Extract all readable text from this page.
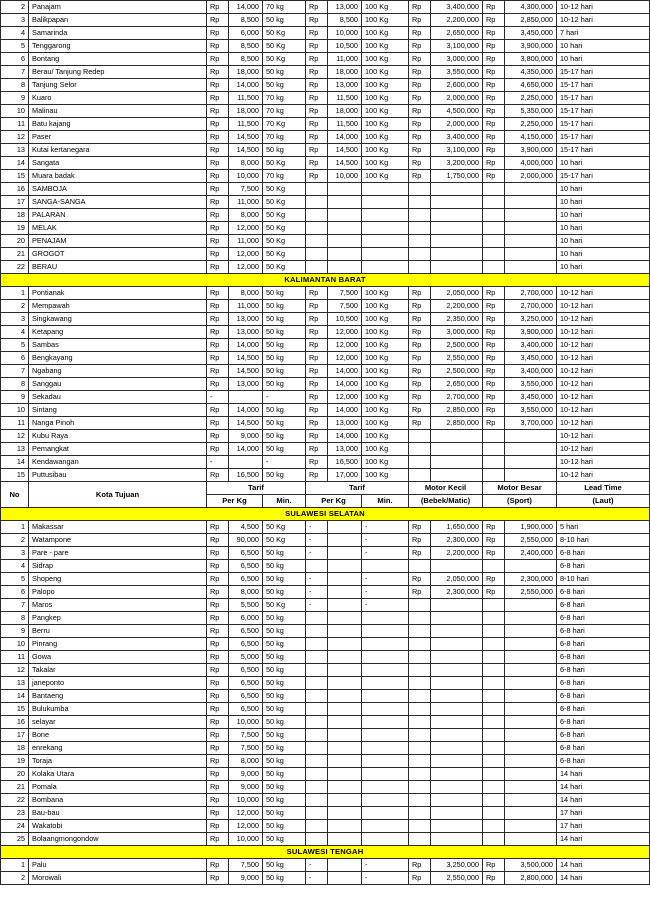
2	Panajam	Rp	14,000	70 kg	Rp	13,000	100 Kg	Rp	3,400,000	Rp	4,300,000	10-12 hari
3	Balikpapan	Rp	8,500	50 kg	Rp	8,500	100 Kg	Rp	2,200,000	Rp	2,850,000	10-12 hari
4	Samarinda	Rp	6,000	50 Kg	Rp	10,000	100 Kg	Rp	2,650,000	Rp	3,450,000	7 hari
5	Tenggarong	Rp	8,500	50 Kg	Rp	10,500	100 Kg	Rp	3,100,000	Rp	3,900,000	10 hari
6	Bontang	Rp	8,500	50 Kg	Rp	11,000	100 Kg	Rp	3,000,000	Rp	3,800,000	10 hari
7	Berau/ Tanjung Redep	Rp	18,000	50 kg	Rp	18,000	100 Kg	Rp	3,550,000	Rp	4,350,000	15-17 hari
8	Tanjung Selor	Rp	14,000	50 kg	Rp	13,000	100 Kg	Rp	2,600,000	Rp	4,650,000	15-17 hari
9	Kuaro	Rp	11,500	70 kg	Rp	11,500	100 Kg	Rp	2,000,000	Rp	2,250,000	15-17 hari
10	Malinau	Rp	18,000	70 kg	Rp	18,000	100 Kg	Rp	4,500,000	Rp	5,350,000	15-17 hari
11	Batu kajang	Rp	11,500	70 Kg	Rp	11,500	100 Kg	Rp	2,000,000	Rp	2,250,000	15-17 hari
12	Paser	Rp	14,500	70 kg	Rp	14,000	100 Kg	Rp	3,400,000	Rp	4,150,000	15-17 hari
13	Kutai kertanegara	Rp	14,500	50 kg	Rp	14,500	100 Kg	Rp	3,100,000	Rp	3,900,000	15-17 hari
14	Sangata	Rp	8,000	50 Kg	Rp	14,500	100 Kg	Rp	3,200,000	Rp	4,000,000	10 hari
15	Muara badak	Rp	10,000	70 kg	Rp	10,000	100 Kg	Rp	1,750,000	Rp	2,000,000	15-17 hari
16	SAMBOJA	Rp	7,500	50 Kg								10 hari
17	SANGA-SANGA	Rp	11,000	50 Kg								10 hari
18	PALARAN	Rp	8,000	50 Kg								10 hari
19	MELAK	Rp	12,000	50 Kg								10 hari
20	PENAJAM	Rp	11,000	50 Kg								10 hari
21	GROGOT	Rp	12,000	50 Kg								10 hari
22	BERAU	Rp	12,000	50 Kg								10 hari
KALIMANTAN BARAT												
1	Pontianak	Rp	8,000	50 kg	Rp	7,500	100 Kg	Rp	2,050,000	Rp	2,700,000	10-12 hari
2	Mempawah	Rp	11,000	50 kg	Rp	7,500	100 Kg	Rp	2,200,000	Rp	2,700,000	10-12 hari
3	Singkawang	Rp	13,000	50 kg	Rp	10,500	100 Kg	Rp	2,350,000	Rp	3,250,000	10-12 hari
4	Ketapang	Rp	13,000	50 kg	Rp	12,000	100 Kg	Rp	3,000,000	Rp	3,900,000	10-12 hari
5	Sambas	Rp	14,000	50 kg	Rp	12,000	100 Kg	Rp	2,500,000	Rp	3,400,000	10-12 hari
6	Bengkayang	Rp	14,500	50 kg	Rp	12,000	100 Kg	Rp	2,550,000	Rp	3,450,000	10-12 hari
7	Ngabang	Rp	14,500	50 kg	Rp	14,000	100 Kg	Rp	2,500,000	Rp	3,400,000	10-12 hari
8	Sanggau	Rp	13,000	50 kg	Rp	14,000	100 Kg	Rp	2,650,000	Rp	3,550,000	10-12 hari
9	Sekadau	-		-	Rp	12,000	100 Kg	Rp	2,700,000	Rp	3,450,000	10-12 hari
10	Sintang	Rp	14,000	50 kg	Rp	14,000	100 Kg	Rp	2,850,000	Rp	3,550,000	10-12 hari
11	Nanga Pinoh	Rp	14,500	50 kg	Rp	13,000	100 Kg	Rp	2,850,000	Rp	3,700,000	10-12 hari
12	Kubu Raya	Rp	9,000	50 kg	Rp	14,000	100 Kg					10-12 hari
13	Pemangkat	Rp	14,000	50 kg	Rp	13,000	100 Kg					10-12 hari
14	Kendawangan	-		-	Rp	16,500	100 Kg					10-12 hari
15	Puttusibau	Rp	16,500	50 kg	Rp	17,000	100 Kg					10-12 hari
No	Kota Tujuan	Tarif			Tarif			Motor Kecil		Motor Besar		Lead Time
		Per Kg		Min.	Per Kg		Min.	(Bebek/Matic)		(Sport)		(Laut)
SULAWESI SELATAN												
1	Makassar	Rp	4,500	50 Kg	-		-	Rp	1,650,000	Rp	1,900,000	5 hari
2	Watampone	Rp	90,000	50 Kg	-		-	Rp	2,300,000	Rp	2,550,000	8-10 hari
3	Pare - pare	Rp	6,500	50 kg	-		-	Rp	2,200,000	Rp	2,400,000	6-8 hari
4	Sidrap	Rp	6,500	50 kg								6-8 hari
5	Shopeng	Rp	6,500	50 kg	-		-	Rp	2,050,000	Rp	2,300,000	8-10 hari
6	Palopo	Rp	8,000	50 kg	-		-	Rp	2,300,000	Rp	2,550,000	6-8 hari
7	Maros	Rp	5,500	50 Kg	-		-					6-8 hari
8	Pangkep	Rp	6,000	50 kg								6-8 hari
9	Berru	Rp	6,500	50 kg								6-8 hari
10	Pinrang	Rp	6,500	50 kg								6-8 hari
11	Gowa	Rp	5,000	50 kg								6-8 hari
12	Takalar	Rp	6,500	50 kg								6-8 hari
13	janeponto	Rp	6,500	50 kg								6-8 hari
14	Bantaeng	Rp	6,500	50 kg								6-8 hari
15	Bulukumba	Rp	6,500	50 kg								6-8 hari
16	selayar	Rp	10,000	50 kg								6-8 hari
17	Bone	Rp	7,500	50 kg								6-8 hari
18	enrekang	Rp	7,500	50 kg								6-8 hari
19	Toraja	Rp	8,000	50 kg								6-8 hari
20	Kolaka Utara	Rp	9,000	50 kg								14 hari
21	Pomala	Rp	9,000	50 kg								14 hari
22	Bombana	Rp	10,000	50 kg								14 hari
23	Bau-bau	Rp	12,000	50 kg								17 hari
24	Wakatobi	Rp	12,000	50 kg								17 hari
25	Bolaangmongondow	Rp	10,000	50 kg								14 hari
SULAWESI TENGAH												
1	Palu	Rp	7,500	50 kg	-		-	Rp	3,250,000	Rp	3,500,000	14 hari
2	Morowali	Rp	9,000	50 kg	-		-	Rp	2,550,000	Rp	2,800,000	14 hari
